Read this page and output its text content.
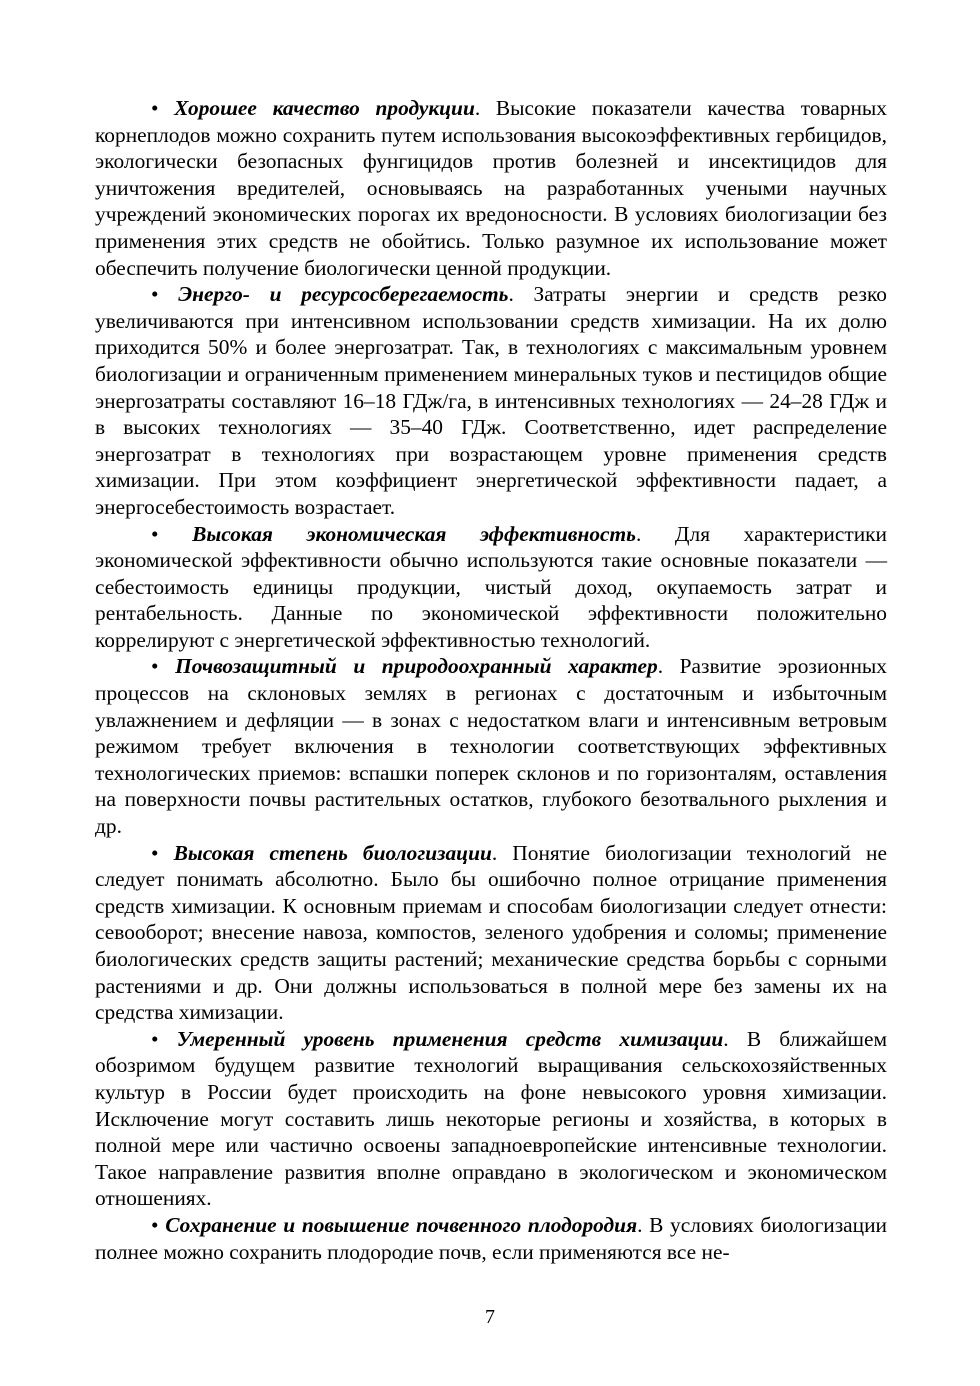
• Хорошее качество продукции. Высокие показатели качества товарных корнеплодов можно сохранить путем использования высокоэффективных гербицидов, экологически безопасных фунгицидов против болезней и инсектицидов для уничтожения вредителей, основываясь на разработанных учеными научных учреждений экономических порогах их вредоносности. В условиях биологизации без применения этих средств не обойтись. Только разумное их использование может обеспечить получение биологически ценной продукции.

• Энерго- и ресурсосберегаемость. Затраты энергии и средств резко увеличиваются при интенсивном использовании средств химизации. На их долю приходится 50% и более энергозатрат. Так, в технологиях с максимальным уровнем биологизации и ограниченным применением минеральных туков и пестицидов общие энергозатраты составляют 16–18 ГДж/га, в интенсивных технологиях — 24–28 ГДж и в высоких технологиях — 35–40 ГДж. Соответственно, идет распределение энергозатрат в технологиях при возрастающем уровне применения средств химизации. При этом коэффициент энергетической эффективности падает, а энергосебестоимость возрастает.

• Высокая экономическая эффективность. Для характеристики экономической эффективности обычно используются такие основные показатели — себестоимость единицы продукции, чистый доход, окупаемость затрат и рентабельность. Данные по экономической эффективности положительно коррелируют с энергетической эффективностью технологий.

• Почвозащитный и природоохранный характер. Развитие эрозионных процессов на склоновых землях в регионах с достаточным и избыточным увлажнением и дефляции — в зонах с недостатком влаги и интенсивным ветровым режимом требует включения в технологии соответствующих эффективных технологических приемов: вспашки поперек склонов и по горизонталям, оставления на поверхности почвы растительных остатков, глубокого безотвального рыхления и др.

• Высокая степень биологизации. Понятие биологизации технологий не следует понимать абсолютно. Было бы ошибочно полное отрицание применения средств химизации. К основным приемам и способам биологизации следует отнести: севооборот; внесение навоза, компостов, зеленого удобрения и соломы; применение биологических средств защиты растений; механические средства борьбы с сорными растениями и др. Они должны использоваться в полной мере без замены их на средства химизации.

• Умеренный уровень применения средств химизации. В ближайшем обозримом будущем развитие технологий выращивания сельскохозяйственных культур в России будет происходить на фоне невысокого уровня химизации. Исключение могут составить лишь некоторые регионы и хозяйства, в которых в полной мере или частично освоены западноевропейские интенсивные технологии. Такое направление развития вполне оправдано в экологическом и экономическом отношениях.

• Сохранение и повышение почвенного плодородия. В условиях биологизации полнее можно сохранить плодородие почв, если применяются все не-

7
